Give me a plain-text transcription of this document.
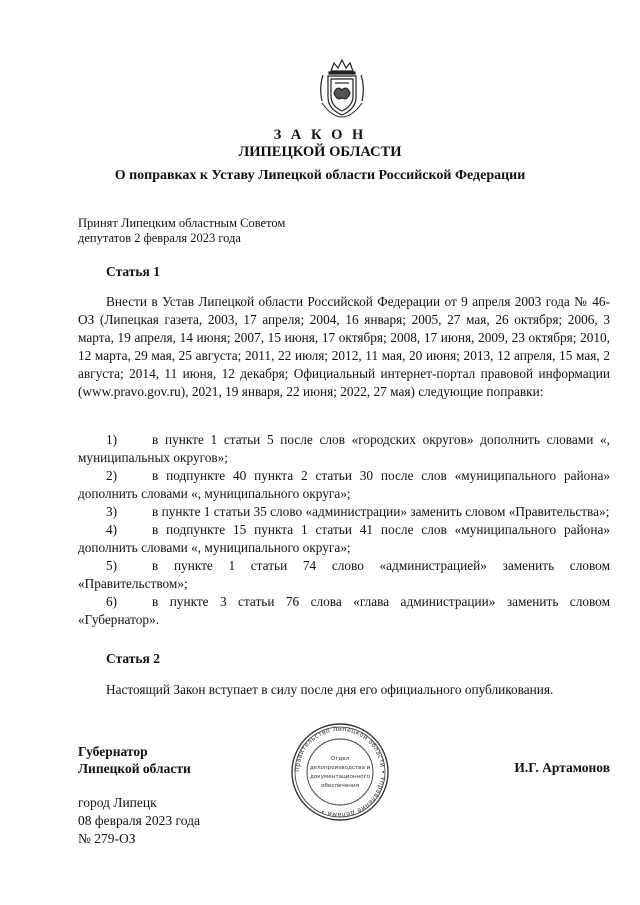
З А К О Н
ЛИПЕЦКОЙ ОБЛАСТИ
О поправках к Уставу Липецкой области Российской Федерации
Принят Липецким областным Советом
депутатов 2 февраля 2023 года
Статья 1
Внести в Устав Липецкой области Российской Федерации от 9 апреля 2003 года № 46-ОЗ (Липецкая газета, 2003, 17 апреля; 2004, 16 января; 2005, 27 мая, 26 октября; 2006, 3 марта, 19 апреля, 14 июня; 2007, 15 июня, 17 октября; 2008, 17 июня, 2009, 23 октября; 2010, 12 марта, 29 мая, 25 августа; 2011, 22 июля; 2012, 11 мая, 20 июня; 2013, 12 апреля, 15 мая, 2 августа; 2014, 11 июня, 12 декабря; Официальный интернет-портал правовой информации (www.pravo.gov.ru), 2021, 19 января, 22 июня; 2022, 27 мая) следующие поправки:
1)	в пункте 1 статьи 5 после слов «городских округов» дополнить словами «, муниципальных округов»;
2)	в подпункте 40 пункта 2 статьи 30 после слов «муниципального района» дополнить словами «, муниципального округа»;
3)	в пункте 1 статьи 35 слово «администрации» заменить словом «Правительства»;
4)	в подпункте 15 пункта 1 статьи 41 после слов «муниципального района» дополнить словами «, муниципального округа»;
5)	в пункте 1 статьи 74 слово «администрацией» заменить словом «Правительством»;
6)	в пункте 3 статьи 76 слова «глава администрации» заменить словом «Губернатор».
Статья 2
Настоящий Закон вступает в силу после дня его официального опубликования.
Губернатор
Липецкой области	Правительство Липецкой области • Управление делами •
Отдел
делопроизводства и
документационного
обеспечения
И.Г. Артамонов
город Липецк
08 февраля 2023 года
№ 279-ОЗ
